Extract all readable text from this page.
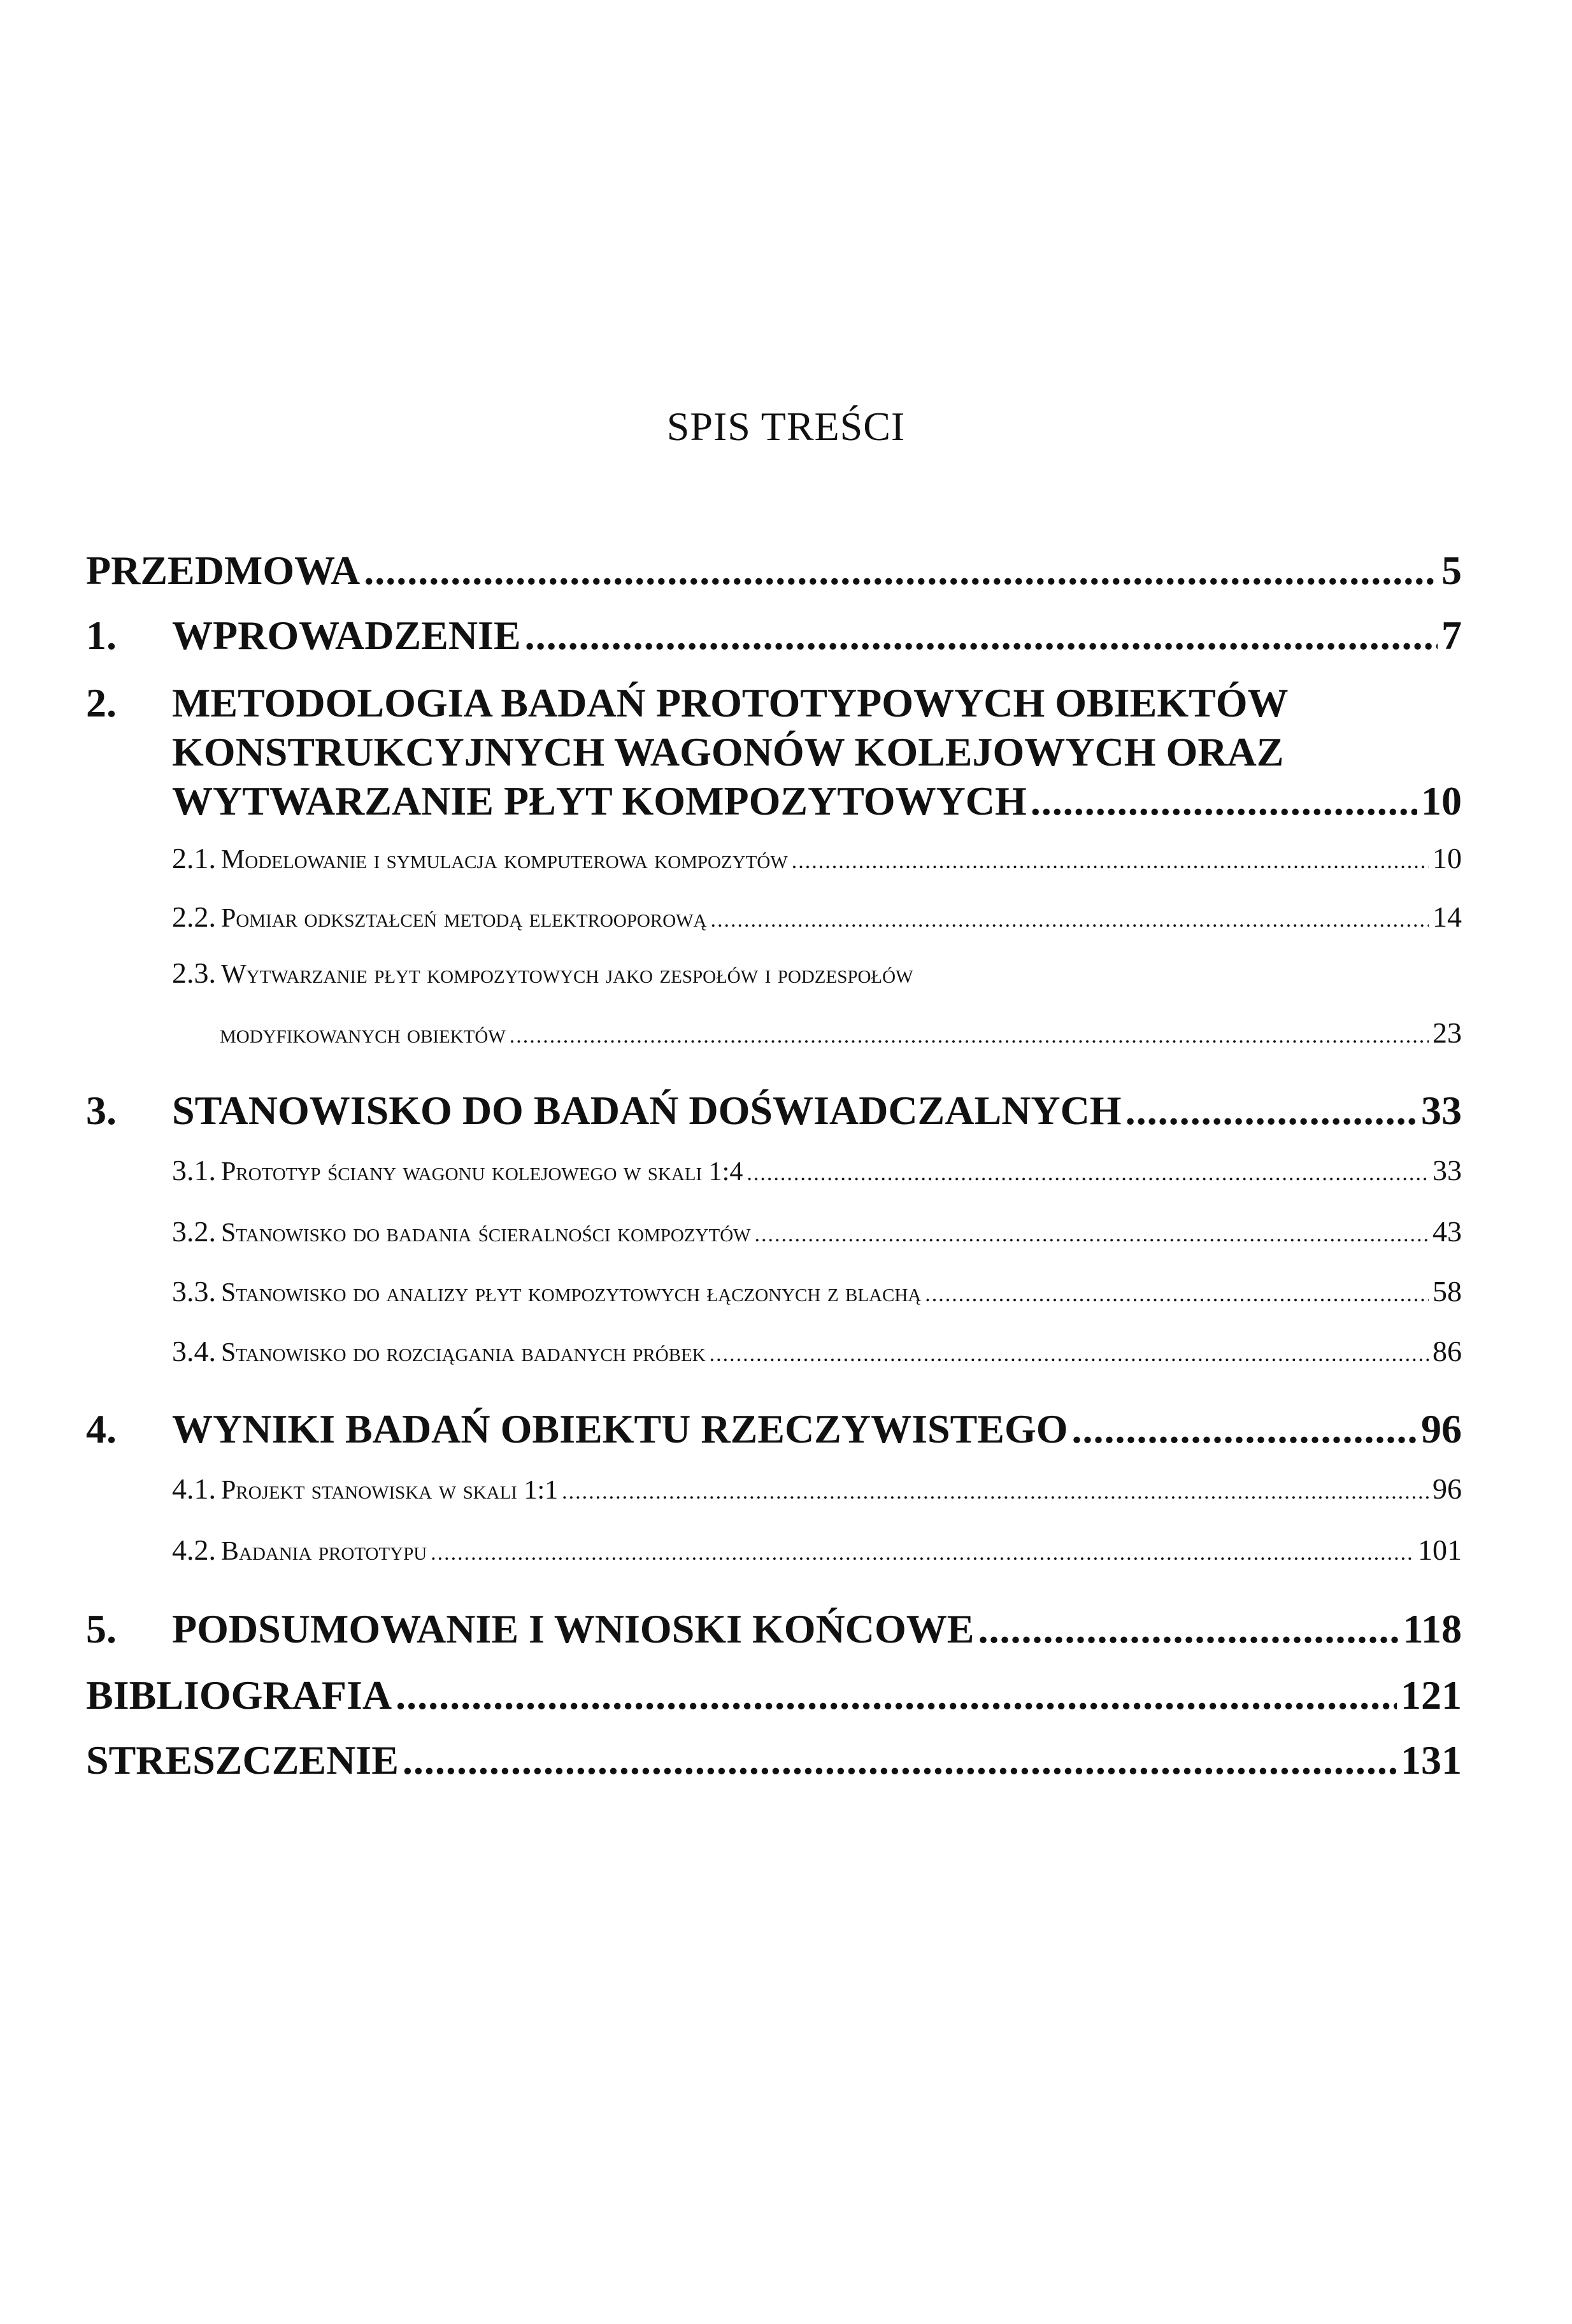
SPIS TREŚCI
PRZEDMOWA .....	5
1.	WPROWADZENIE .....	7
2. METODOLOGIA BADAŃ PROTOTYPOWYCH OBIEKTÓW
KONSTRUKCYJNYCH WAGONÓW KOLEJOWYCH ORAZ
WYTWARZANIE PŁYT KOMPOZYTOWYCH .....	10
2.1. Modelowanie i symulacja komputerowa kompozytów .....	10
2.2. Pomiar odkształceń metodą elektrooporową .....	14
2.3. Wytwarzanie płyt kompozytowych jako zespołów i podzespołów
modyfikowanych obiektów .....	23
3.	STANOWISKO DO BADAŃ DOŚWIADCZALNYCH .....	33
3.1. Prototyp ściany wagonu kolejowego w skali 1:4 .....	33
3.2. Stanowisko do badania ścieralności kompozytów .....	43
3.3. Stanowisko do analizy płyt kompozytowych łączonych z blachą .....	58
3.4. Stanowisko do rozciągania badanych próbek .....	86
4.	WYNIKI BADAŃ OBIEKTU RZECZYWISTEGO .....	96
4.1. Projekt stanowiska w skali 1:1 .....	96
4.2. Badania prototypu .....	101
5.	PODSUMOWANIE I WNIOSKI KOŃCOWE .....	118
BIBLIOGRAFIA .....	121
STRESZCZENIE .....	131
